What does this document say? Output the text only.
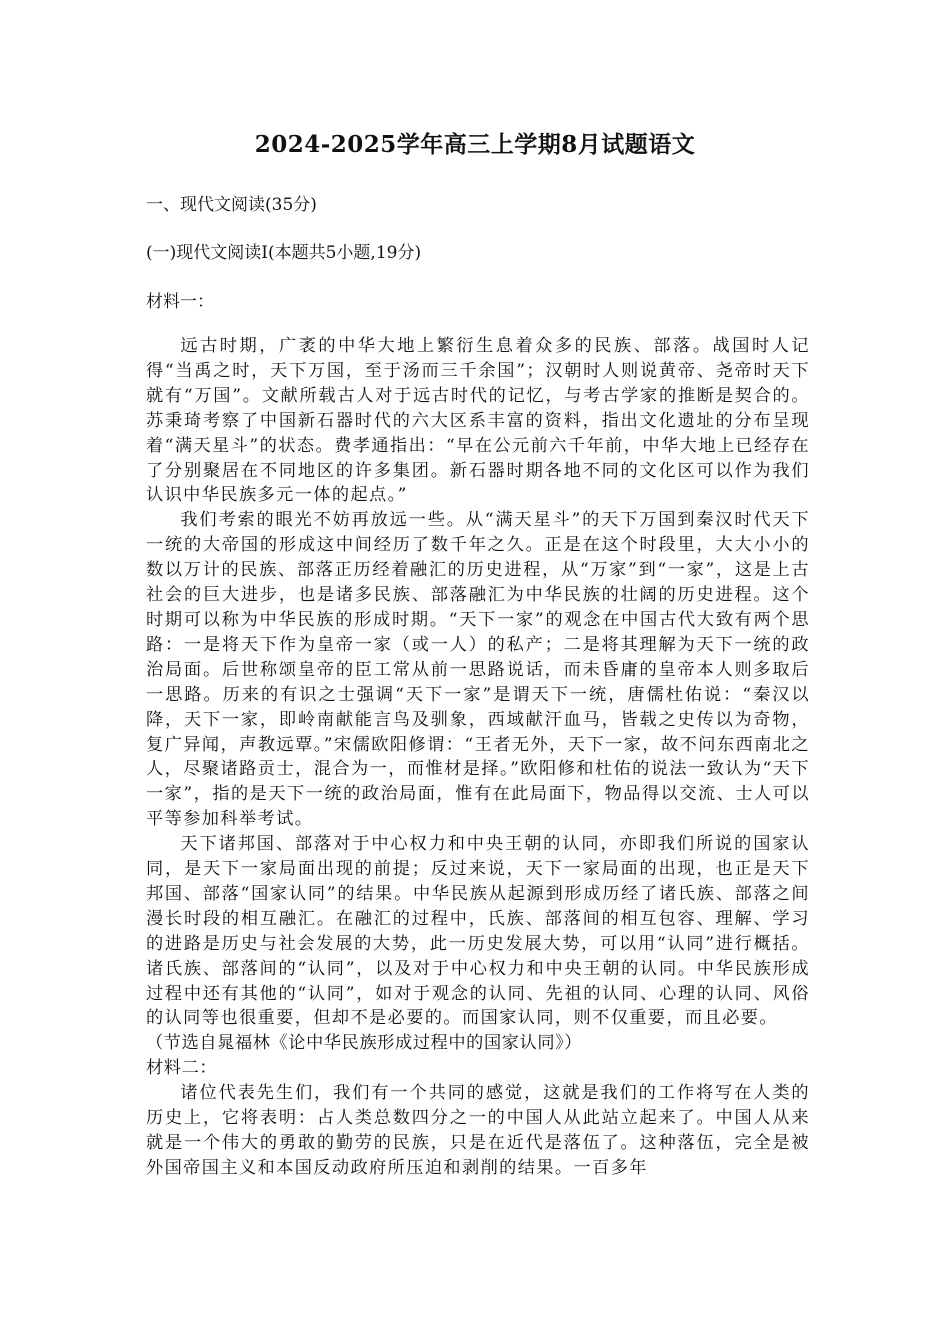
2024-2025学年高三上学期8月试题语文
一、现代文阅读(35分)
(一)现代文阅读Ⅰ(本题共5小题,19分)
材料一：

远古时期，广袤的中华大地上繁衍生息着众多的民族、部落。战国时人记得“当禹之时，天下万国，至于汤而三千余国”；汉朝时人则说黄帝、尧帝时天下就有“万国”。文献所载古人对于远古时代的记忆，与考古学家的推断是契合的。苏秉琦考察了中国新石器时代的六大区系丰富的资料，指出文化遗址的分布呈现着“满天星斗”的状态。费孝通指出：“早在公元前六千年前，中华大地上已经存在了分别聚居在不同地区的许多集团。新石器时期各地不同的文化区可以作为我们认识中华民族多元一体的起点。”

我们考索的眼光不妨再放远一些。从“满天星斗”的天下万国到秦汉时代天下一统的大帝国的形成这中间经历了数千年之久。正是在这个时段里，大大小小的数以万计的民族、部落正历经着融汇的历史进程，从“万家”到“一家”，这是上古社会的巨大进步，也是诸多民族、部落融汇为中华民族的壮阔的历史进程。这个时期可以称为中华民族的形成时期。“天下一家”的观念在中国古代大致有两个思路：一是将天下作为皇帝一家（或一人）的私产；二是将其理解为天下一统的政治局面。后世称颂皇帝的臣工常从前一思路说话，而未昏庸的皇帝本人则多取后一思路。历来的有识之士强调“天下一家”是谓天下一统，唐儒杜佑说：“秦汉以降，天下一家，即岭南献能言鸟及驯象，西域献汗血马，皆载之史传以为奇物，复广异闻，声教远覃。”宋儒欧阳修谓：“王者无外，天下一家，故不问东西南北之人，尽聚诸路贡士，混合为一，而惟材是择。”欧阳修和杜佑的说法一致认为“天下一家”，指的是天下一统的政治局面，惟有在此局面下，物品得以交流、士人可以平等参加科举考试。

天下诸邦国、部落对于中心权力和中央王朝的认同，亦即我们所说的国家认同，是天下一家局面出现的前提；反过来说，天下一家局面的出现，也正是天下邦国、部落“国家认同”的结果。中华民族从起源到形成历经了诸氏族、部落之间漫长时段的相互融汇。在融汇的过程中，氏族、部落间的相互包容、理解、学习的进路是历史与社会发展的大势，此一历史发展大势，可以用“认同”进行概括。诸氏族、部落间的“认同”，以及对于中心权力和中央王朝的认同。中华民族形成过程中还有其他的“认同”，如对于观念的认同、先祖的认同、心理的认同、风俗的认同等也很重要，但却不是必要的。而国家认同，则不仅重要，而且必要。

（节选自晁福林《论中华民族形成过程中的国家认同》）
材料二：

诸位代表先生们，我们有一个共同的感觉，这就是我们的工作将写在人类的历史上，它将表明：占人类总数四分之一的中国人从此站立起来了。中国人从来就是一个伟大的勇敢的勤劳的民族，只是在近代是落伍了。这种落伍，完全是被外国帝国主义和本国反动政府所压迫和剥削的结果。一百多年
